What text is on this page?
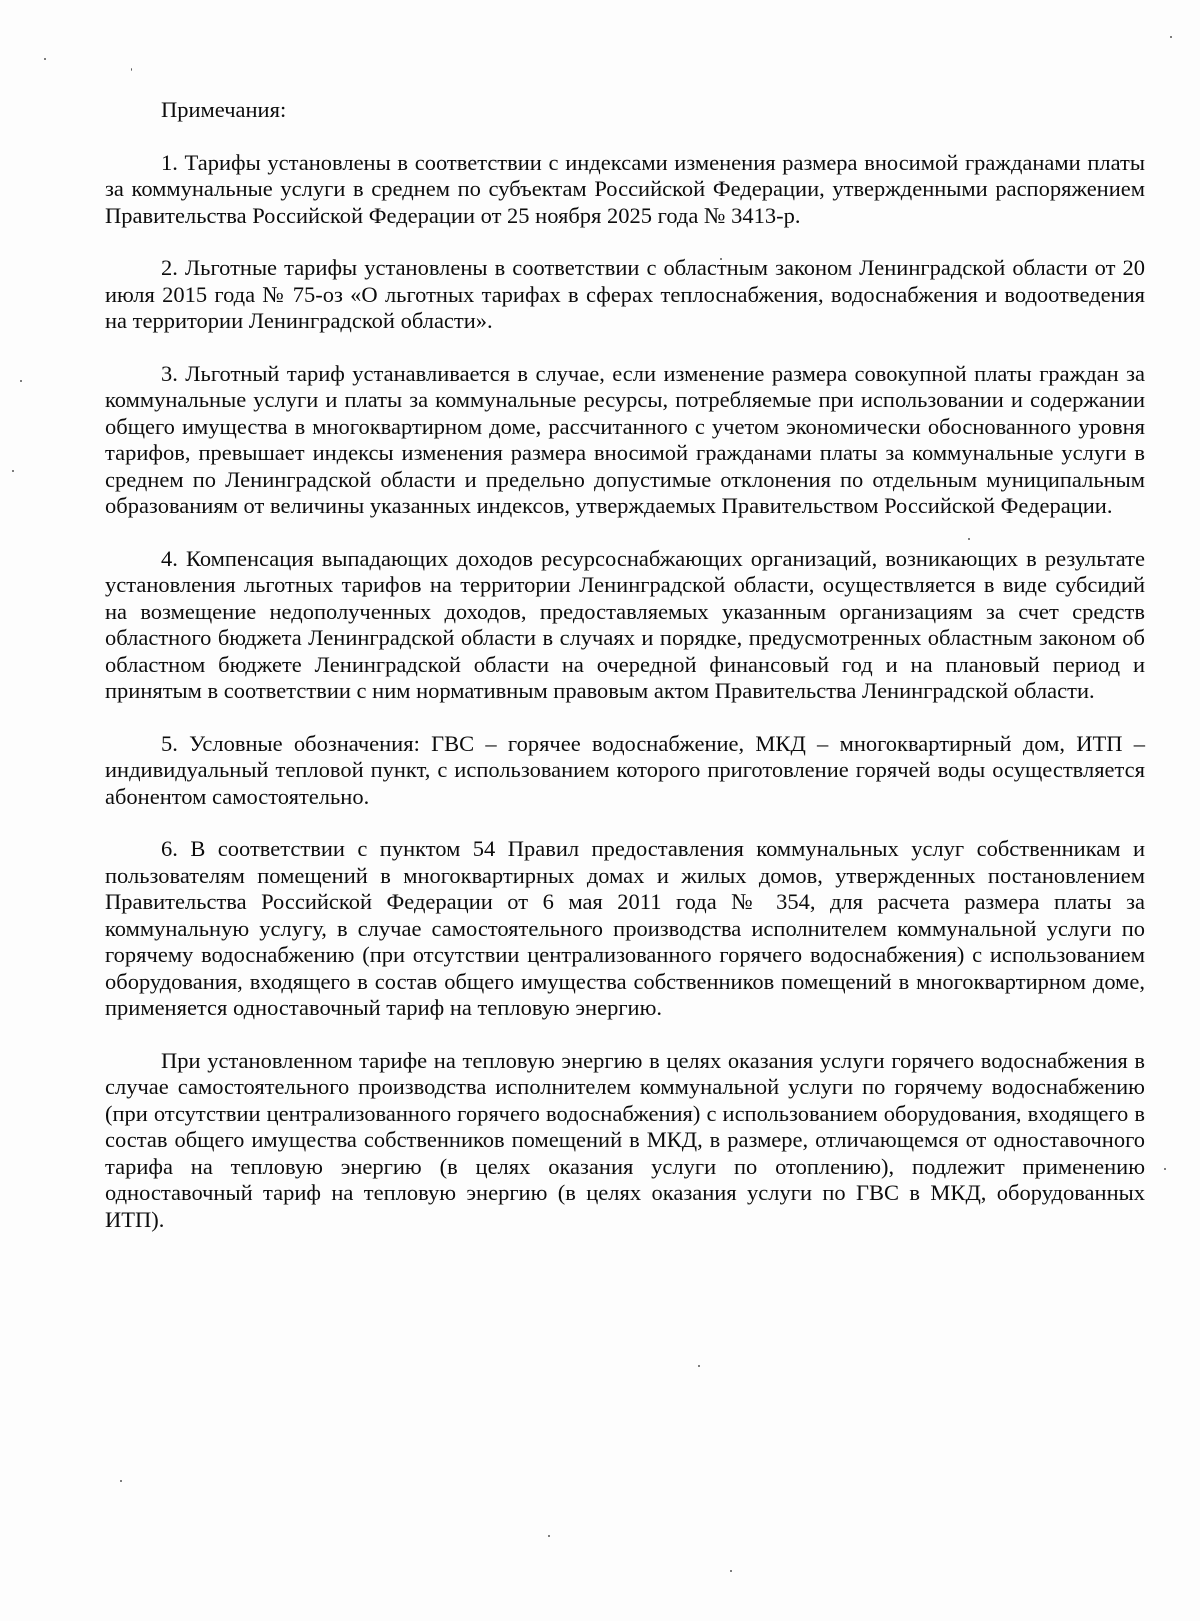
Примечания:

1. Тарифы установлены в соответствии с индексами изменения размера вносимой гражданами платы за коммунальные услуги в среднем по субъектам Российской Федерации, утвержденными распоряжением Правительства Российской Федерации от 25 ноября 2025 года № 3413-р.

2. Льготные тарифы установлены в соответствии с областным законом Ленинградской области от 20 июля 2015 года № 75-оз «О льготных тарифах в сферах теплоснабжения, водоснабжения и водоотведения на территории Ленинградской области».

3. Льготный тариф устанавливается в случае, если изменение размера совокупной платы граждан за коммунальные услуги и платы за коммунальные ресурсы, потребляемые при использовании и содержании общего имущества в многоквартирном доме, рассчитанного с учетом экономически обоснованного уровня тарифов, превышает индексы изменения размера вносимой гражданами платы за коммунальные услуги в среднем по Ленинградской области и предельно допустимые отклонения по отдельным муниципальным образованиям от величины указанных индексов, утверждаемых Правительством Российской Федерации.

4. Компенсация выпадающих доходов ресурсоснабжающих организаций, возникающих в результате установления льготных тарифов на территории Ленинградской области, осуществляется в виде субсидий на возмещение недополученных доходов, предоставляемых указанным организациям за счет средств областного бюджета Ленинградской области в случаях и порядке, предусмотренных областным законом об областном бюджете Ленинградской области на очередной финансовый год и на плановый период и принятым в соответствии с ним нормативным правовым актом Правительства Ленинградской области.

5. Условные обозначения: ГВС – горячее водоснабжение, МКД – многоквартирный дом, ИТП – индивидуальный тепловой пункт, с использованием которого приготовление горячей воды осуществляется абонентом самостоятельно.

6. В соответствии с пунктом 54 Правил предоставления коммунальных услуг собственникам и пользователям помещений в многоквартирных домах и жилых домов, утвержденных постановлением Правительства Российской Федерации от 6 мая 2011 года № 354, для расчета размера платы за коммунальную услугу, в случае самостоятельного производства исполнителем коммунальной услуги по горячему водоснабжению (при отсутствии централизованного горячего водоснабжения) с использованием оборудования, входящего в состав общего имущества собственников помещений в многоквартирном доме, применяется одноставочный тариф на тепловую энергию.

При установленном тарифе на тепловую энергию в целях оказания услуги горячего водоснабжения в случае самостоятельного производства исполнителем коммунальной услуги по горячему водоснабжению (при отсутствии централизованного горячего водоснабжения) с использованием оборудования, входящего в состав общего имущества собственников помещений в МКД, в размере, отличающемся от одноставочного тарифа на тепловую энергию (в целях оказания услуги по отоплению), подлежит применению одноставочный тариф на тепловую энергию (в целях оказания услуги по ГВС в МКД, оборудованных ИТП).
